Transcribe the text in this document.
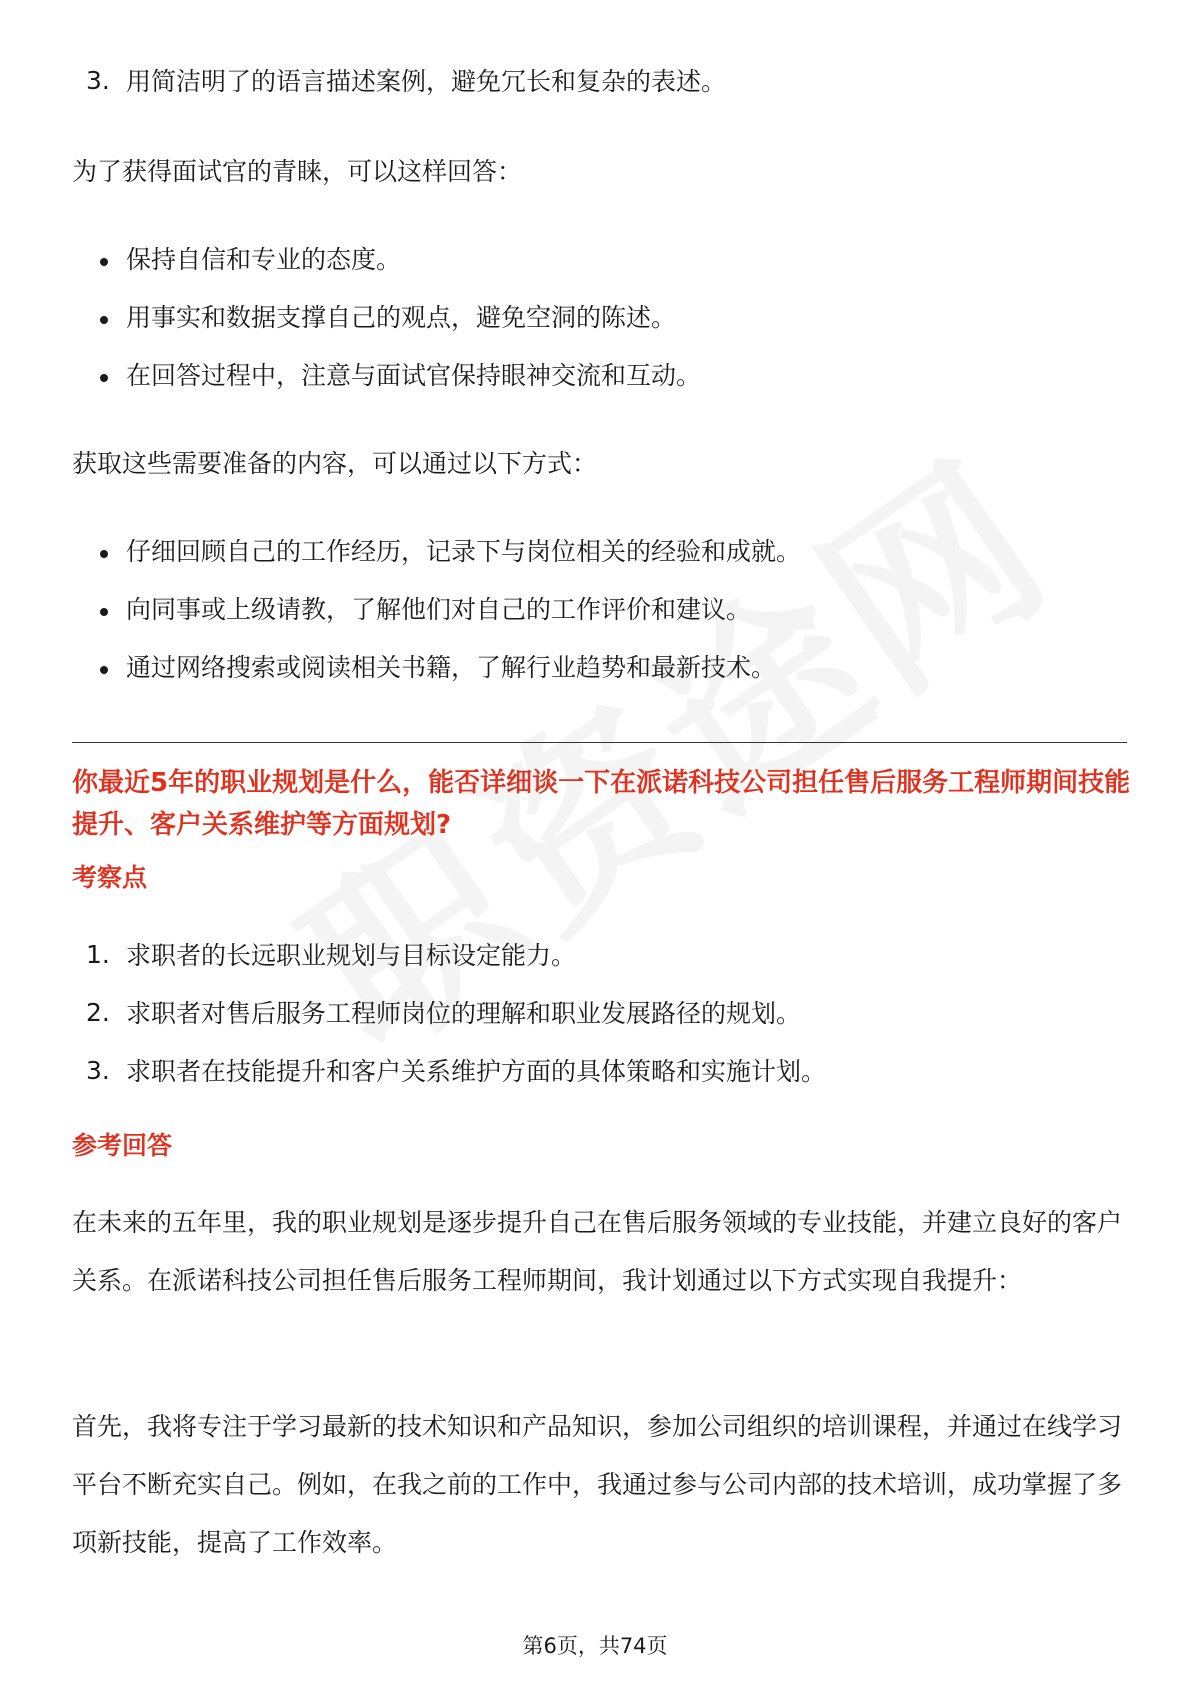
3. 用简洁明了的语言描述案例，避免冗长和复杂的表述。
为了获得面试官的青睐，可以这样回答：
保持自信和专业的态度。
用事实和数据支撑自己的观点，避免空洞的陈述。
在回答过程中，注意与面试官保持眼神交流和互动。
获取这些需要准备的内容，可以通过以下方式：
仔细回顾自己的工作经历，记录下与岗位相关的经验和成就。
向同事或上级请教，了解他们对自己的工作评价和建议。
通过网络搜索或阅读相关书籍，了解行业趋势和最新技术。
你最近5年的职业规划是什么，能否详细谈一下在派诺科技公司担任售后服务工程师期间技能提升、客户关系维护等方面规划?
考察点
1. 求职者的长远职业规划与目标设定能力。
2. 求职者对售后服务工程师岗位的理解和职业发展路径的规划。
3. 求职者在技能提升和客户关系维护方面的具体策略和实施计划。
参考回答
在未来的五年里，我的职业规划是逐步提升自己在售后服务领域的专业技能，并建立良好的客户关系。在派诺科技公司担任售后服务工程师期间，我计划通过以下方式实现自我提升：
首先，我将专注于学习最新的技术知识和产品知识，参加公司组织的培训课程，并通过在线学习平台不断充实自己。例如，在我之前的工作中，我通过参与公司内部的技术培训，成功掌握了多项新技能，提高了工作效率。
第6页，共74页
